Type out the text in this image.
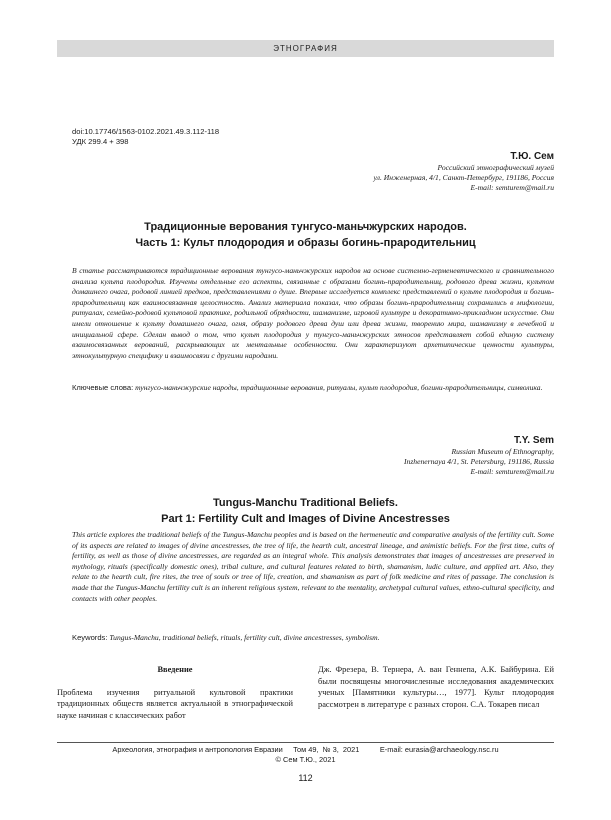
ЭТНОГРАФИЯ
doi:10.17746/1563-0102.2021.49.3.112-118
УДК 299.4 + 398
Т.Ю. Сем
Российский этнографический музей
ул. Инженерная, 4/1, Санкт-Петербург, 191186, Россия
E-mail: semturem@mail.ru
Традиционные верования тунгусо-маньчжурских народов.
Часть 1: Культ плодородия и образы богинь-прародительниц

В статье рассматриваются традиционные верования тунгусо-маньчжурских народов на основе системно-герменевтического и сравнительного анализа культа плодородия. Изучены отдельные его аспекты, связанные с образами богинь-прародительниц, родового древа жизни, культом домашнего очага, родовой линией предков, представлениями о душе. Впервые исследуется комплекс представлений о культе плодородия и богинь-прародительниц как взаимосвязанная целостность. Анализ материала показал, что образы богинь-прародительниц сохранились в мифологии, ритуалах, семейно-родовой культовой практике, родильной обрядности, шаманизме, игровой культуре и декоративно-прикладном искусстве. Они имели отношение к культу домашнего очага, огня, образу родового древа душ или древа жизни, творению мира, шаманизму в лечебной и инициальной сфере. Сделан вывод о том, что культ плодородия у тунгусо-маньчжурских этносов представляет собой единую систему взаимосвязанных верований, раскрывающих их ментальные особенности. Они характеризуют архетипические ценности культуры, этнокультурную специфику и взаимосвязи с другими народами.

Ключевые слова: тунгусо-маньчжурские народы, традиционные верования, ритуалы, культ плодородия, богини-прародительницы, символика.
T.Y. Sem
Russian Museum of Ethnography,
Inzhenernaya 4/1, St. Petersburg, 191186, Russia
E-mail: semturem@mail.ru
Tungus-Manchu Traditional Beliefs.
Part 1: Fertility Cult and Images of Divine Ancestresses

This article explores the traditional beliefs of the Tungus-Manchu peoples and is based on the hermeneutic and comparative analysis of the fertility cult. Some of its aspects are related to images of divine ancestresses, the tree of life, the hearth cult, ancestral lineage, and animistic beliefs. For the first time, cults of fertility, as well as those of divine ancestresses, are regarded as an integral whole. This analysis demonstrates that images of ancestresses are preserved in mythology, rituals (specifically domestic ones), tribal culture, and cultural features related to birth, shamanism, ludic culture, and applied art. Also, they relate to the hearth cult, fire rites, the tree of souls or tree of life, creation, and shamanism as part of folk medicine and rites of passage. The conclusion is made that the Tungus-Manchu fertility cult is an inherent religious system, relevant to the mentality, archetypal cultural values, ethno-cultural specificity, and contacts with other peoples.

Keywords: Tungus-Manchu, traditional beliefs, rituals, fertility cult, divine ancestresses, symbolism.
Введение

Проблема изучения ритуальной культовой практики традиционных обществ является актуальной в этнографической науке начиная с классических работ

Дж. Фрезера, В. Тернера, А. ван Геннепа, А.К. Байбурина. Ей были посвящены многочисленные исследования академических ученых [Памятники культуры…, 1977]. Культ плодородия рассмотрен в литературе с разных сторон. С.А. Токарев писал

Археология, этнография и антропология Евразии     Том 49,  № 3,  2021          E-mail: eurasia@archaeology.nsc.ru
© Сем Т.Ю., 2021
112
